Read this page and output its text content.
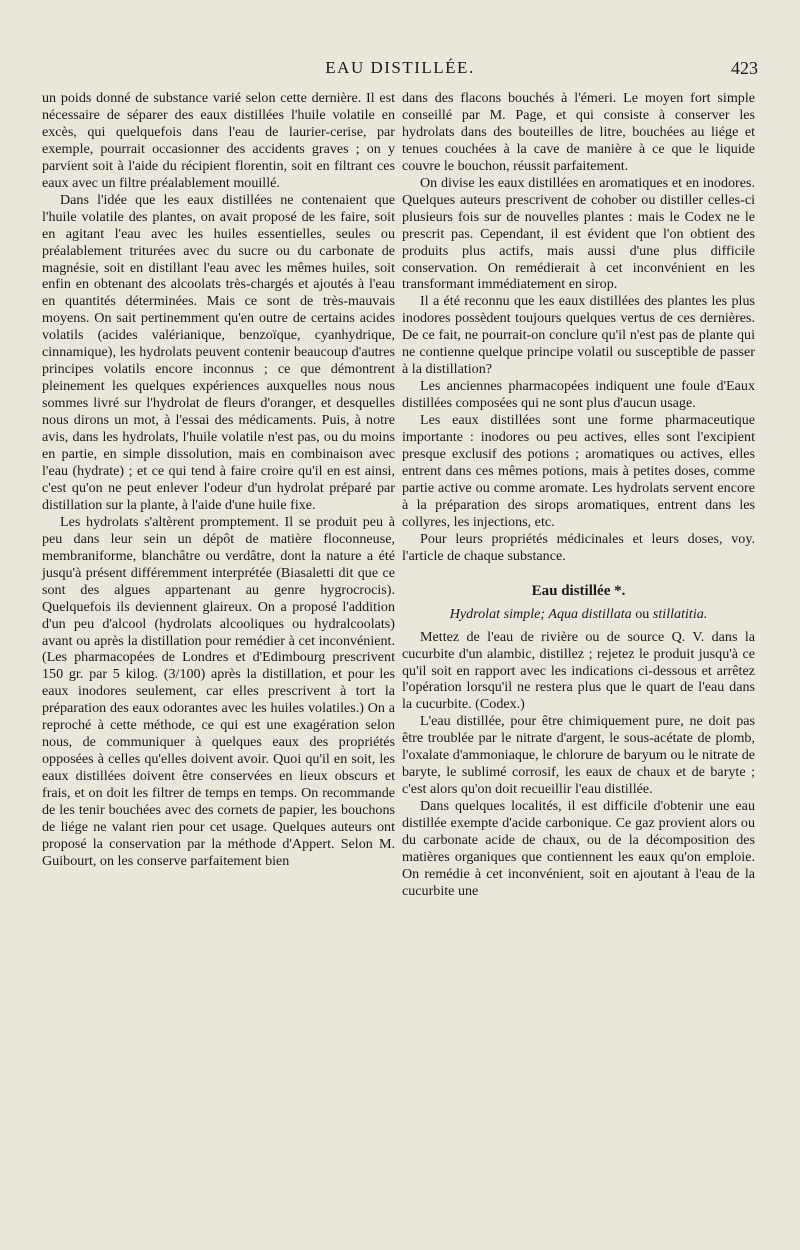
EAU DISTILLÉE.	423

un poids donné de substance varié selon cette dernière. Il est nécessaire de séparer des eaux distillées l'huile volatile en excès, qui quelquefois dans l'eau de laurier-cerise, par exemple, pourrait occasionner des accidents graves ; on y parvient soit à l'aide du récipient florentin, soit en filtrant ces eaux avec un filtre préalablement mouillé.

Dans l'idée que les eaux distillées ne contenaient que l'huile volatile des plantes, on avait proposé de les faire, soit en agitant l'eau avec les huiles essentielles, seules ou préalablement triturées avec du sucre ou du carbonate de magnésie, soit en distillant l'eau avec les mêmes huiles, soit enfin en obtenant des alcoolats très-chargés et ajoutés à l'eau en quantités déterminées. Mais ce sont de très-mauvais moyens. On sait pertinemment qu'en outre de certains acides volatils (acides valérianique, benzoïque, cyanhydrique, cinnamique), les hydrolats peuvent contenir beaucoup d'autres principes volatils encore inconnus ; ce que démontrent pleinement les quelques expériences auxquelles nous nous sommes livré sur l'hydrolat de fleurs d'oranger, et desquelles nous dirons un mot, à l'essai des médicaments. Puis, à notre avis, dans les hydrolats, l'huile volatile n'est pas, ou du moins en partie, en simple dissolution, mais en combinaison avec l'eau (hydrate) ; et ce qui tend à faire croire qu'il en est ainsi, c'est qu'on ne peut enlever l'odeur d'un hydrolat préparé par distillation sur la plante, à l'aide d'une huile fixe.

Les hydrolats s'altèrent promptement. Il se produit peu à peu dans leur sein un dépôt de matière floconneuse, membraniforme, blanchâtre ou verdâtre, dont la nature a été jusqu'à présent différemment interprétée (Biasaletti dit que ce sont des algues appartenant au genre hygrocrocis). Quelquefois ils deviennent glaireux. On a proposé l'addition d'un peu d'alcool (hydrolats alcooliques ou hydralcoolats) avant ou après la distillation pour remédier à cet inconvénient. (Les pharmacopées de Londres et d'Edimbourg prescrivent 150 gr. par 5 kilog. (3/100) après la distillation, et pour les eaux inodores seulement, car elles prescrivent à tort la préparation des eaux odorantes avec les huiles volatiles.) On a reproché à cette méthode, ce qui est une exagération selon nous, de communiquer à quelques eaux des propriétés opposées à celles qu'elles doivent avoir. Quoi qu'il en soit, les eaux distillées doivent être conservées en lieux obscurs et frais, et on doit les filtrer de temps en temps. On recommande de les tenir bouchées avec des cornets de papier, les bouchons de liége ne valant rien pour cet usage. Quelques auteurs ont proposé la conservation par la méthode d'Appert. Selon M. Guibourt, on les conserve parfaitement bien

dans des flacons bouchés à l'émeri. Le moyen fort simple conseillé par M. Page, et qui consiste à conserver les hydrolats dans des bouteilles de litre, bouchées au liége et tenues couchées à la cave de manière à ce que le liquide couvre le bouchon, réussit parfaitement.

On divise les eaux distillées en aromatiques et en inodores. Quelques auteurs prescrivent de cohober ou distiller celles-ci plusieurs fois sur de nouvelles plantes : mais le Codex ne le prescrit pas. Cependant, il est évident que l'on obtient des produits plus actifs, mais aussi d'une plus difficile conservation. On remédierait à cet inconvénient en les transformant immédiatement en sirop.

Il a été reconnu que les eaux distillées des plantes les plus inodores possèdent toujours quelques vertus de ces dernières. De ce fait, ne pourrait-on conclure qu'il n'est pas de plante qui ne contienne quelque principe volatil ou susceptible de passer à la distillation?

Les anciennes pharmacopées indiquent une foule d'Eaux distillées composées qui ne sont plus d'aucun usage.

Les eaux distillées sont une forme pharmaceutique importante : inodores ou peu actives, elles sont l'excipient presque exclusif des potions ; aromatiques ou actives, elles entrent dans ces mêmes potions, mais à petites doses, comme partie active ou comme aromate. Les hydrolats servent encore à la préparation des sirops aromatiques, entrent dans les collyres, les injections, etc.

Pour leurs propriétés médicinales et leurs doses, voy. l'article de chaque substance.

Eau distillée *.
Hydrolat simple; Aqua distillata ou stillatitia.

Mettez de l'eau de rivière ou de source Q. V. dans la cucurbite d'un alambic, distillez ; rejetez le produit jusqu'à ce qu'il soit en rapport avec les indications ci-dessous et arrêtez l'opération lorsqu'il ne restera plus que le quart de l'eau dans la cucurbite. (Codex.)

L'eau distillée, pour être chimiquement pure, ne doit pas être troublée par le nitrate d'argent, le sous-acétate de plomb, l'oxalate d'ammoniaque, le chlorure de baryum ou le nitrate de baryte, le sublimé corrosif, les eaux de chaux et de baryte ; c'est alors qu'on doit recueillir l'eau distillée.

Dans quelques localités, il est difficile d'obtenir une eau distillée exempte d'acide carbonique. Ce gaz provient alors ou du carbonate acide de chaux, ou de la décomposition des matières organiques que contiennent les eaux qu'on emploie. On remédie à cet inconvénient, soit en ajoutant à l'eau de la cucurbite une
